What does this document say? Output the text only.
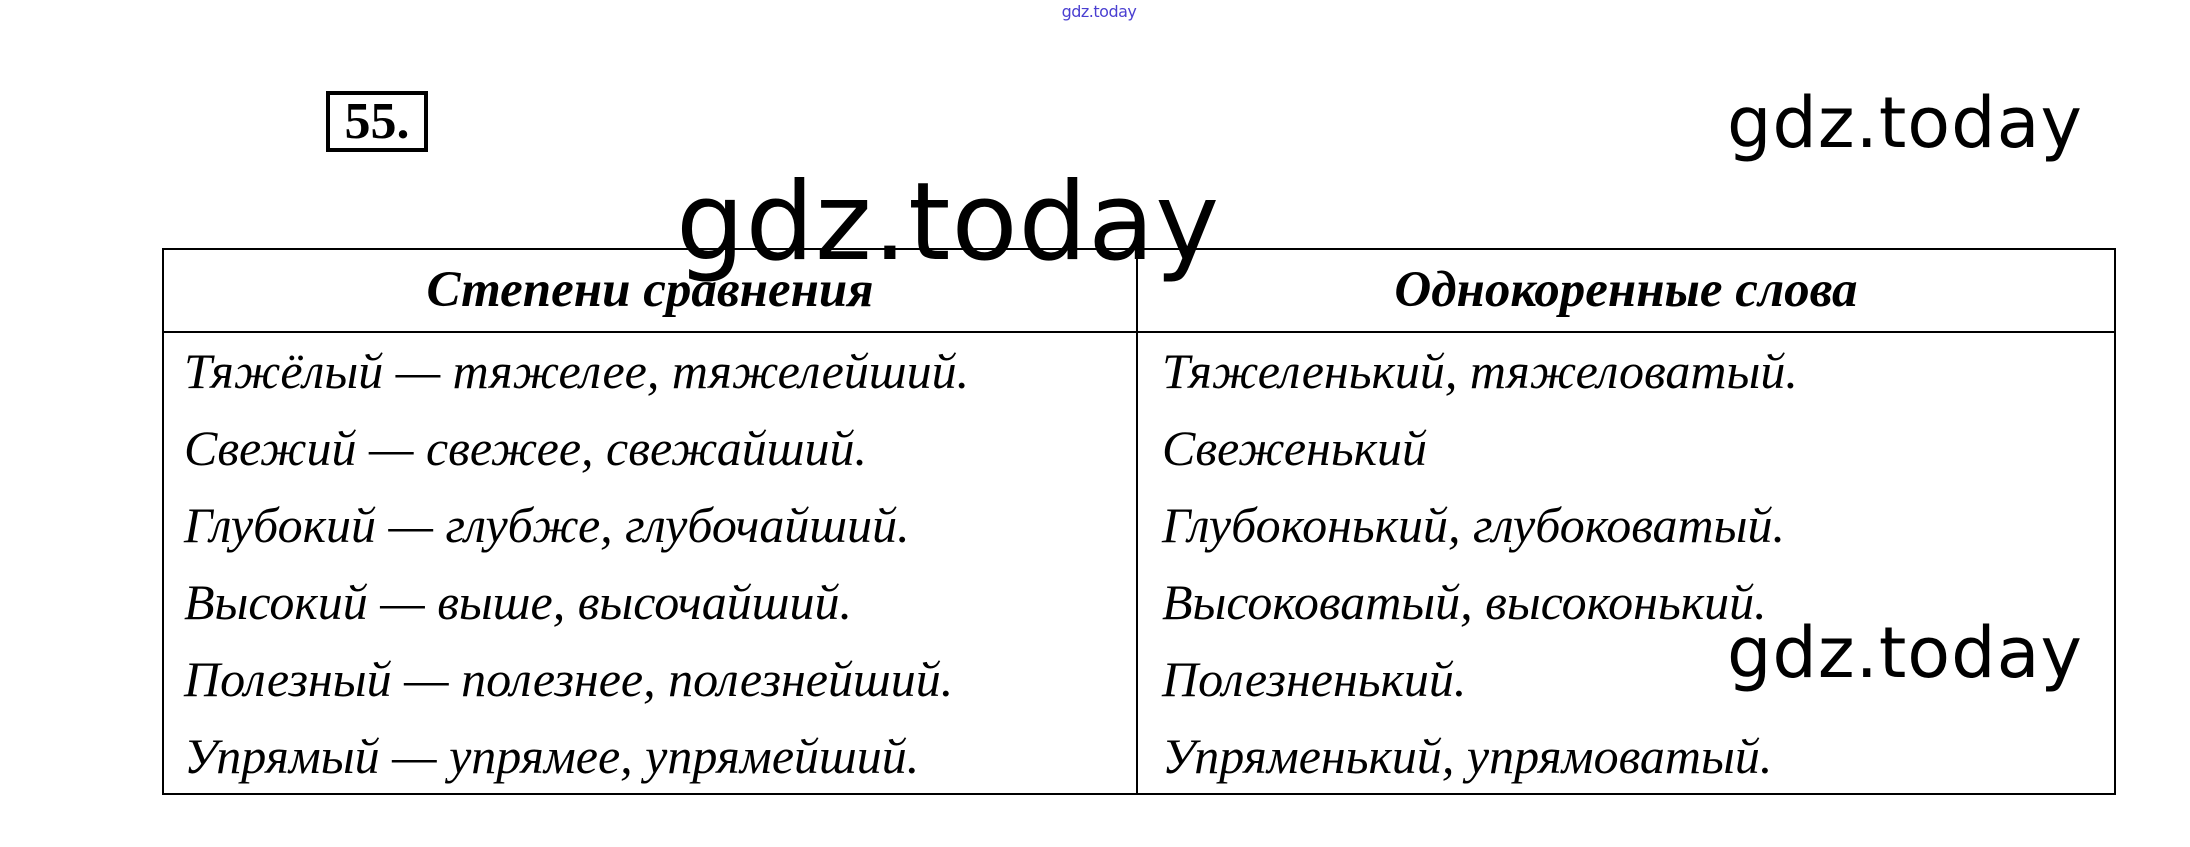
gdz.today
55.	gdz.today
Степени сравнения	Однокоренные слова
Тяжёлый — тяжелее, тяжелейший.
Свежий — свежее, свежайший.
Глубокий — глубже, глубочайший.
Высокий — выше, высочайший.
Полезный — полезнее, полезнейший.
Упрямый — упрямее, упрямейший.
Тяжеленький, тяжеловатый.
Свеженький
Глубоконький, глубоковатый.
Высоковатый, высоконький.
Полезненький.
Упряменький, упрямоватый.
gdz.today
gdz.today
